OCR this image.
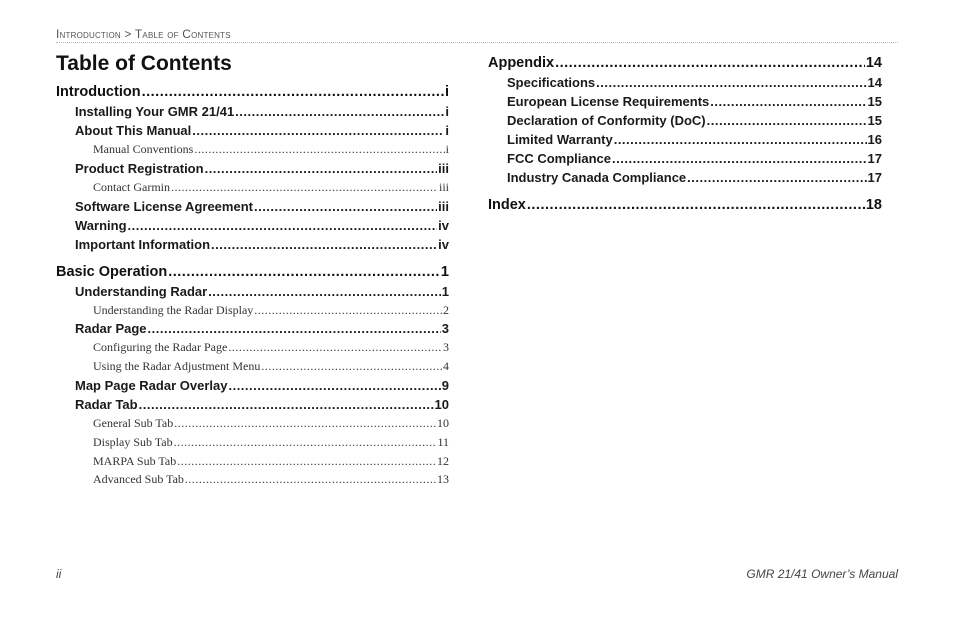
Introduction > Table of Contents
Table of Contents
Introduction .....	i
Installing Your GMR 21/41 .....	i
About This Manual .....	i
Manual Conventions .....	i
Product Registration .....	iii
Contact Garmin .....	iii
Software License Agreement .....	iii
Warning .....	iv
Important Information .....	iv
Basic Operation .....	1
Understanding Radar .....	1
Understanding the Radar Display .....	2
Radar Page .....	3
Configuring the Radar Page .....	3
Using the Radar Adjustment Menu .....	4
Map Page Radar Overlay .....	9
Radar Tab .....	10
General Sub Tab .....	10
Display Sub Tab .....	11
MARPA Sub Tab .....	12
Advanced Sub Tab .....	13
Appendix .....	14
Specifications .....	14
European License Requirements .....	15
Declaration of Conformity (DoC) .....	15
Limited Warranty .....	16
FCC Compliance .....	17
Industry Canada Compliance .....	17
Index .....	18
ii	GMR 21/41 Owner’s Manual
